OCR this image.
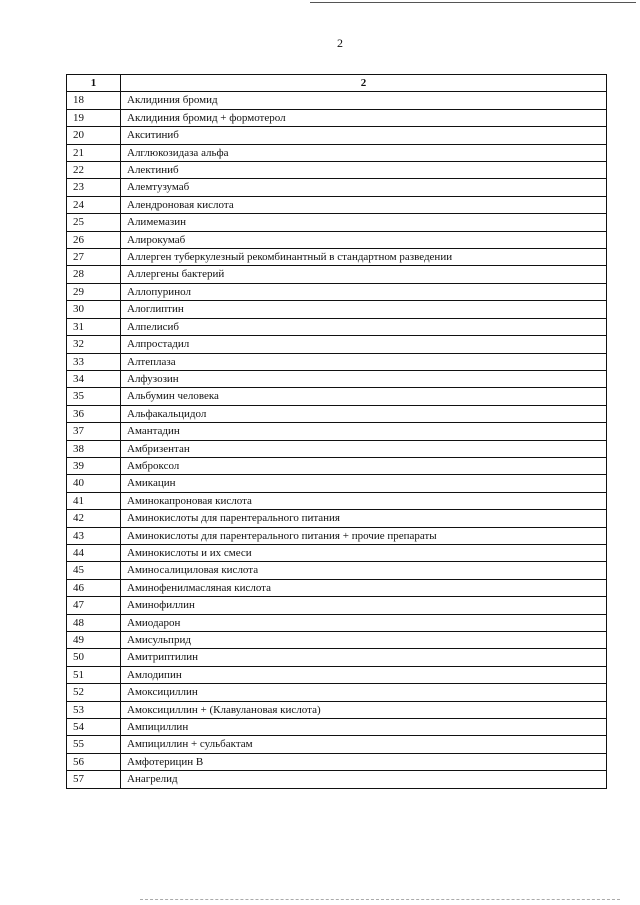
2
1	2
18	Аклидиния бромид
19	Аклидиния бромид + формотерол
20	Акситиниб
21	Алглюкозидаза альфа
22	Алектиниб
23	Алемтузумаб
24	Алендроновая кислота
25	Алимемазин
26	Алирокумаб
27	Аллерген туберкулезный рекомбинантный в стандартном разведении
28	Аллергены бактерий
29	Аллопуринол
30	Алоглиптин
31	Алпелисиб
32	Алпростадил
33	Алтеплаза
34	Алфузозин
35	Альбумин человека
36	Альфакальцидол
37	Амантадин
38	Амбризентан
39	Амброксол
40	Амикацин
41	Аминокапроновая кислота
42	Аминокислоты для парентерального питания
43	Аминокислоты для парентерального питания + прочие препараты
44	Аминокислоты и их смеси
45	Аминосалициловая кислота
46	Аминофенилмасляная кислота
47	Аминофиллин
48	Амиодарон
49	Амисульприд
50	Амитриптилин
51	Амлодипин
52	Амоксициллин
53	Амоксициллин + (Клавулановая кислота)
54	Ампициллин
55	Ампициллин + сульбактам
56	Амфотерицин В
57	Анагрелид
